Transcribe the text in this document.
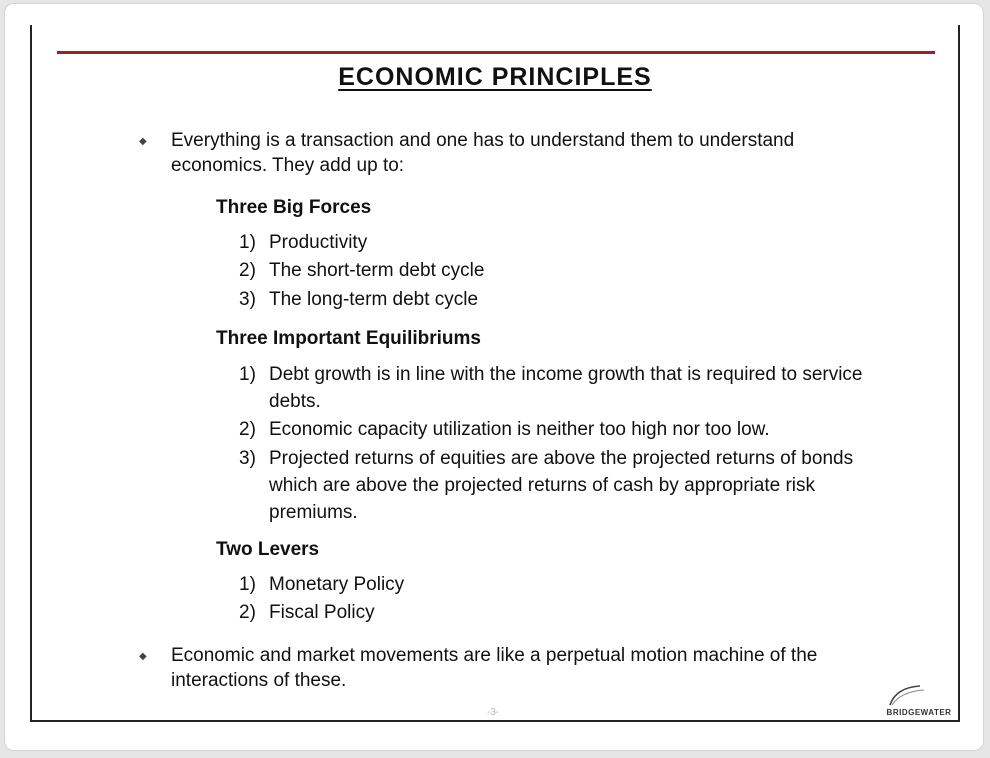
ECONOMIC PRINCIPLES
◆ Everything is a transaction and one has to understand them to understand economics. They add up to:
Three Big Forces
1) Productivity
2) The short-term debt cycle
3) The long-term debt cycle
Three Important Equilibriums
1) Debt growth is in line with the income growth that is required to service debts.
2) Economic capacity utilization is neither too high nor too low.
3) Projected returns of equities are above the projected returns of bonds which are above the projected returns of cash by appropriate risk premiums.
Two Levers
1) Monetary Policy
2) Fiscal Policy
◆ Economic and market movements are like a perpetual motion machine of the interactions of these.
-3-	BRIDGEWATER
